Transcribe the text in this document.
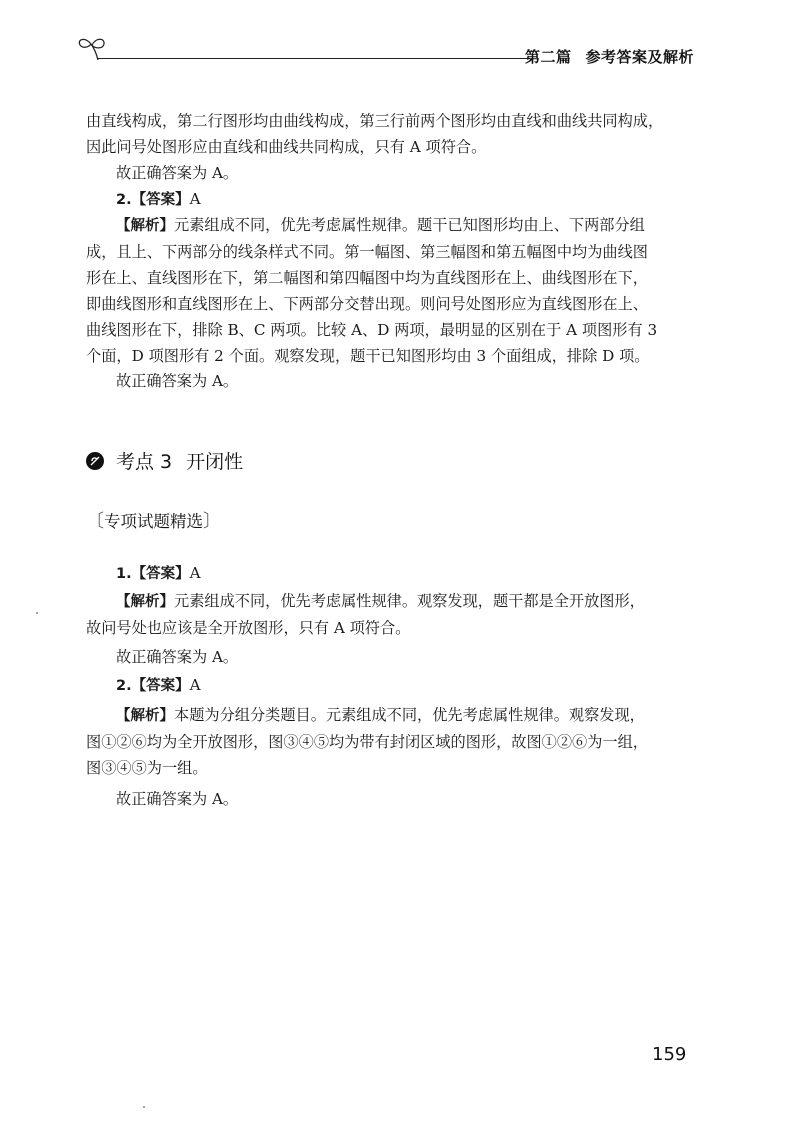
第二篇 参考答案及解析
由直线构成，第二行图形均由曲线构成，第三行前两个图形均由直线和曲线共同构成，
因此问号处图形应由直线和曲线共同构成，只有 A 项符合。
故正确答案为 A。
2.【答案】A
【解析】元素组成不同，优先考虑属性规律。题干已知图形均由上、下两部分组
成，且上、下两部分的线条样式不同。第一幅图、第三幅图和第五幅图中均为曲线图
形在上、直线图形在下，第二幅图和第四幅图中均为直线图形在上、曲线图形在下，
即曲线图形和直线图形在上、下两部分交替出现。则问号处图形应为直线图形在上、
曲线图形在下，排除 B、C 两项。比较 A、D 两项，最明显的区别在于 A 项图形有 3
个面，D 项图形有 2 个面。观察发现，题干已知图形均由 3 个面组成，排除 D 项。
故正确答案为 A。
考点 3 开闭性
〔专项试题精选〕
1.【答案】A
【解析】元素组成不同，优先考虑属性规律。观察发现，题干都是全开放图形，
故问号处也应该是全开放图形，只有 A 项符合。
故正确答案为 A。
2.【答案】A
【解析】本题为分组分类题目。元素组成不同，优先考虑属性规律。观察发现，
图①②⑥均为全开放图形，图③④⑤均为带有封闭区域的图形，故图①②⑥为一组，
图③④⑤为一组。
故正确答案为 A。
159
